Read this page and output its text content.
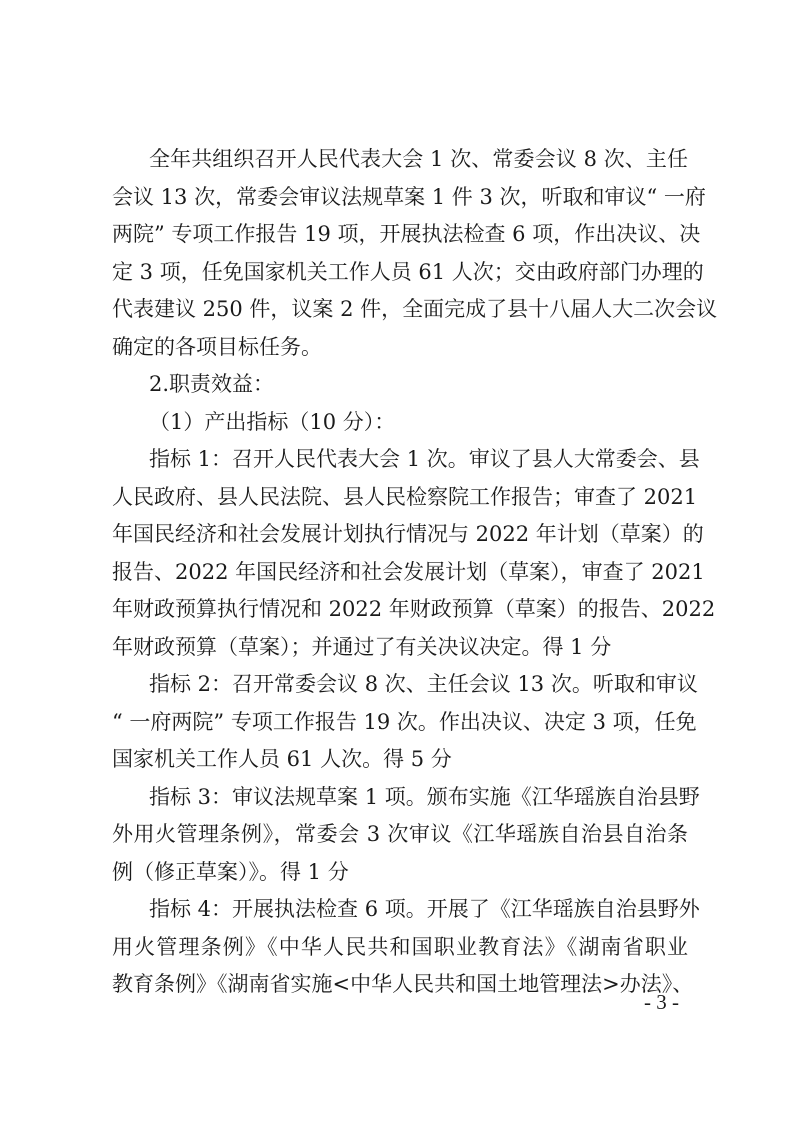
全年共组织召开人民代表大会 1 次、常委会议 8 次、主任
会议 13 次，常委会审议法规草案 1 件 3 次，听取和审议“ 一府
两院” 专项工作报告 19 项，开展执法检查 6 项，作出决议、决
定 3 项，任免国家机关工作人员 61 人次；交由政府部门办理的
代表建议 250 件，议案 2 件，全面完成了县十八届人大二次会议
确定的各项目标任务。
2.职责效益：
（1）产出指标（10 分）：
指标 1：召开人民代表大会 1 次。审议了县人大常委会、县
人民政府、县人民法院、县人民检察院工作报告；审查了 2021
年国民经济和社会发展计划执行情况与 2022 年计划（草案）的
报告、2022 年国民经济和社会发展计划（草案），审查了 2021
年财政预算执行情况和 2022 年财政预算（草案）的报告、2022
年财政预算（草案）；并通过了有关决议决定。得 1 分
指标 2：召开常委会议 8 次、主任会议 13 次。听取和审议
“ 一府两院” 专项工作报告 19 次。作出决议、决定 3 项，任免
国家机关工作人员 61 人次。得 5 分
指标 3：审议法规草案 1 项。颁布实施《江华瑶族自治县野
外用火管理条例》，常委会 3 次审议《江华瑶族自治县自治条
例（修正草案）》。得 1 分
指标 4：开展执法检查 6 项。开展了《江华瑶族自治县野外
用火管理条例》《中华人民共和国职业教育法》《湖南省职业
教育条例》《湖南省实施<中华人民共和国土地管理法>办法》、
- 3 -
